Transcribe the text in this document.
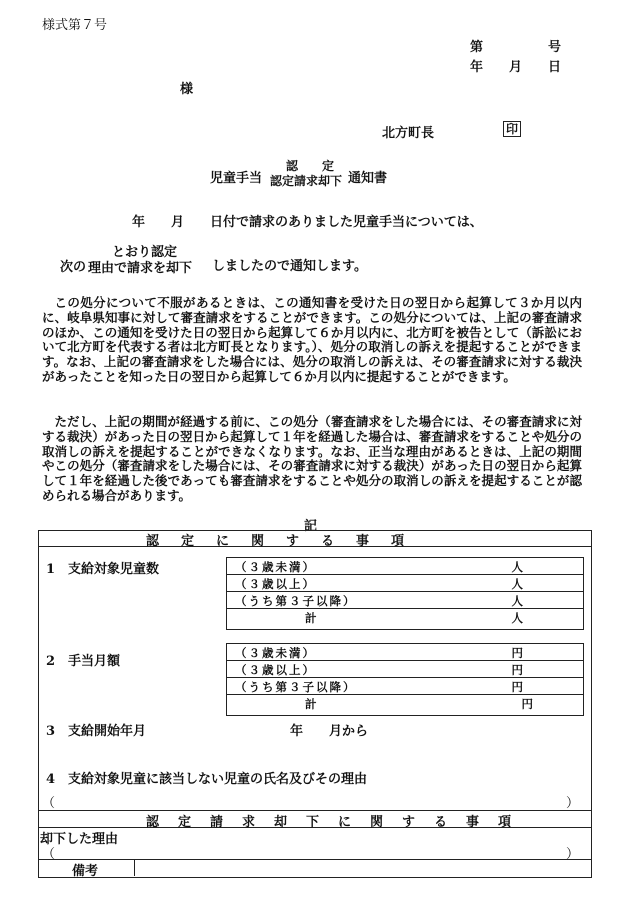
様式第７号
第　　　　　号
年　　月　　日
様
北方町長	印
児童手当
認　定
認定請求却下 通知書
年　　月　　日付で請求のありました児童手当については、
次の
とおり認定
理由で請求を却下 しましたので通知します。
この処分について不服があるときは、この通知書を受けた日の翌日から起算して３か月以内に、岐阜県知事に対して審査請求をすることができます。この処分については、上記の審査請求のほか、この通知を受けた日の翌日から起算して６か月以内に、北方町を被告として（訴訟において北方町を代表する者は北方町長となります。）、処分の取消しの訴えを提起することができます。なお、上記の審査請求をした場合には、処分の取消しの訴えは、その審査請求に対する裁決があったことを知った日の翌日から起算して６か月以内に提起することができます。
ただし、上記の期間が経過する前に、この処分（審査請求をした場合には、その審査請求に対する裁決）があった日の翌日から起算して１年を経過した場合は、審査請求をすることや処分の取消しの訴えを提起することができなくなります。なお、正当な理由があるときは、上記の期間やこの処分（審査請求をした場合には、その審査請求に対する裁決）があった日の翌日から起算して１年を経過した後であっても審査請求をすることや処分の取消しの訴えを提起することが認められる場合があります。
記
認定に関する事項
1　支給対象児童数	（３歳未満）	人
（３歳以上）	人
（うち第３子以降）	人
計	人
2　手当月額
（３歳未満）	円
（３歳以上）	円
（うち第３子以降）	円
計	円
3　支給開始年月	年　　月から
4　支給対象児童に該当しない児童の氏名及びその理由
（	）
認定請求却下に関する事項
却下した理由
（	）
備考
